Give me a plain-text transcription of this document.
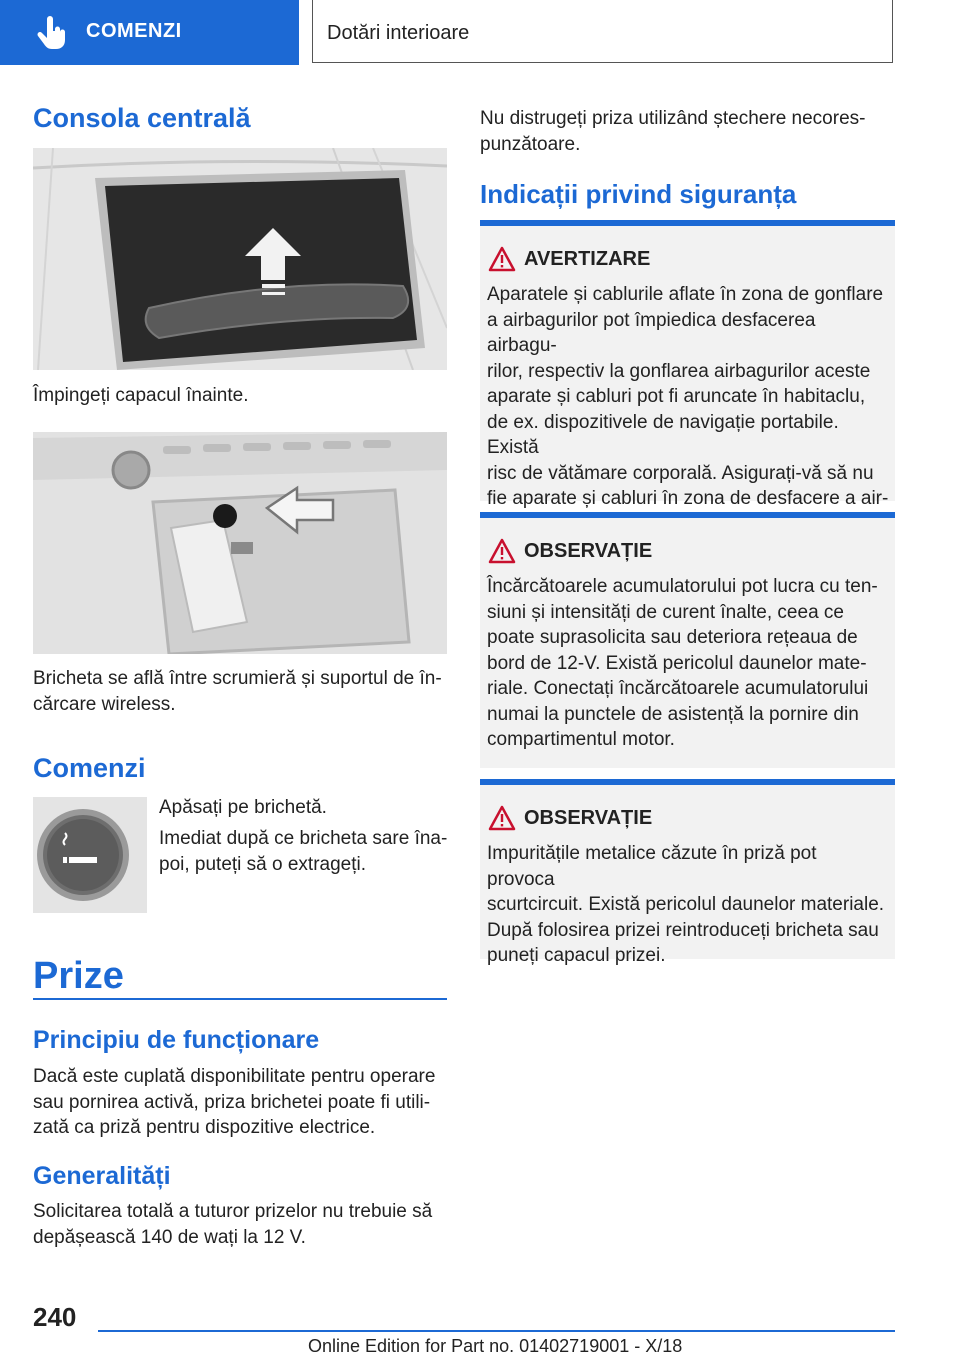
COMENZI	Dotări interioare
Consola centrală

Împingeți capacul înainte.

Bricheta se află între scrumieră și suportul de în-
cărcare wireless.

Comenzi

Apăsați pe brichetă.

Imediat după ce bricheta sare îna-
poi, puteți să o extrageți.

Prize
Principiu de funcționare

Dacă este cuplată disponibilitate pentru operare
sau pornirea activă, priza brichetei poate fi utili-
zată ca priză pentru dispozitive electrice.

Generalități

Solicitarea totală a tuturor prizelor nu trebuie să
depășească 140 de wați la 12 V.

Nu distrugeți priza utilizând ștechere necores-
punzătoare.

Indicații privind siguranța
AVERTIZARE
Aparatele și cablurile aflate în zona de gonflare
a airbagurilor pot împiedica desfacerea airbagu-
rilor, respectiv la gonflarea airbagurilor aceste
aparate și cabluri pot fi aruncate în habitaclu,
de ex. dispozitivele de navigație portabile. Există
risc de vătămare corporală. Asigurați-vă să nu
fie aparate și cabluri în zona de desfacere a air-

OBSERVAȚIE
Încărcătoarele acumulatorului pot lucra cu ten-
siuni și intensități de curent înalte, ceea ce
poate suprasolicita sau deteriora rețeaua de
bord de 12-V. Există pericolul daunelor mate-
riale. Conectați încărcătoarele acumulatorului
numai la punctele de asistență la pornire din
compartimentul motor.
OBSERVAȚIE
Impuritățile metalice căzute în priză pot provoca
scurtcircuit. Există pericolul daunelor materiale.
După folosirea prizei reintroduceți bricheta sau
puneți capacul prizei.
240
Online Edition for Part no. 01402719001 - X/18
